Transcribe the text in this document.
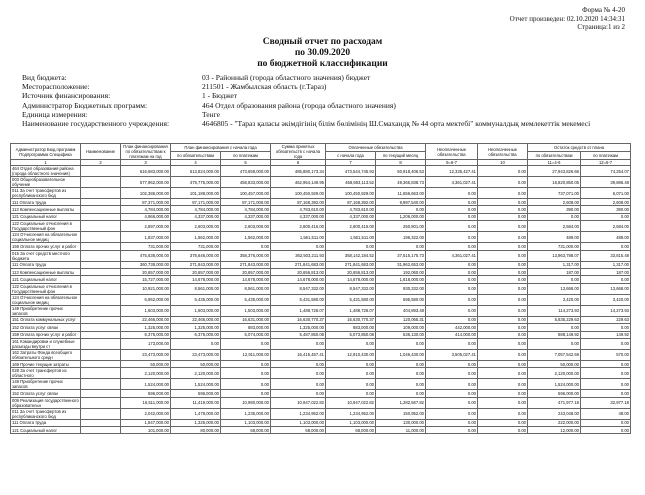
Форма № 4-20
Отчет произведен: 02.10.2020 14:34:31
Страница:1 из 2
Сводный отчет по расходам
по 30.09.2020
по бюджетной классификации
Вид бюджета:	03 - Районный (города областного значения) бюджет
Месторасположение:	211501 - Жамбылская область (г.Тараз)
Источник финансирования:	1 - Бюджет
Администратор Бюджетных программ:	464 Отдел образования района (города областного значения)
Единица измерения:	Тенге
Наименование государственного учреждения:	4646805 - "Тараз қаласы әкімдігінің білім бөлімінің Ш.Смахандқ № 44 орта мектебі" коммуналдық мемлекеттік мекемесі
Администратор Бюд.программ Подпрограмма Специфика	Наименование	План финансирования по обязательствам к платежам на год	План финансирования с начала года		Сумма принятых обязательств с начала года	Оплаченные обязательства		Неоплаченные обязательства	Неоплаченные обязательства	Остаток средств от плана	
			по обязательствам	по платежам		с начала года	по текущий месяц			по обязательствам	по платежам
1	2	3	4	5	6	7	8	9=6-7	10	11=4-6	12=5-7
464 Отдел образования района (города областного значения)		616,683,000.00	513,824,000.00	473,659,000.00	485,880,173.34	473,544,745.93	50,918,406.53	12,335,427.41	0.00	27,943,826.66	74,254.07
003 Общеобразовательное обучение		577,962,000.00	479,775,000.00	458,833,000.00	462,954,149.95	458,593,113.52	49,365,838.73	4,361,027.41	0.00	16,820,850.05	39,886.48
011 За счет трансфертов из республиканского бюд		102,386,000.00	101,188,000.00	100,457,000.00	100,450,929.00	100,450,929.00	11,656,663.00	0.00	0.00	737,071.00	6,071.00
111 Оплата труда		87,371,000.00	87,171,000.00	87,171,000.00	87,168,392.00	87,168,392.00	9,997,540.00	0.00	0.00	2,608.00	2,608.00
113 Компенсационные выплаты		4,784,000.00	4,784,000.00	4,784,000.00	4,783,610.00	4,783,610.00	0.00	0.00	0.00	390.00	390.00
121 Социальный налог		4,966,000.00	4,337,000.00	4,337,000.00	4,337,000.00	4,337,000.00	1,206,000.00	0.00	0.00	0.00	0.00
122 Социальные отчисления в Государственный фон		2,897,000.00	2,603,000.00	2,603,000.00	2,600,416.00	2,600,416.00	250,801.00	0.00	0.00	2,584.00	2,584.00
124 Отчисления на обязательное социальное медиц		1,837,000.00	1,562,000.00	1,562,000.00	1,561,511.00	1,561,511.00	196,322.00	0.00	0.00	489.00	489.00
159 Оплата прочих услуг и работ		731,000.00	731,000.00	0.00	0.00	0.00	0.00	0.00	0.00	731,000.00	0.00
015 За счет средств местного бюджета		475,636,000.00	378,646,000.00	358,376,000.00	362,503,211.93	358,142,184.52	37,515,175.73	4,361,027.41	0.00	13,963,788.07	33,815.48
111 Оплата труда		360,738,000.00	271,843,000.00	271,843,000.00	271,841,683.00	271,841,683.00	31,962,653.00	0.00	0.00	1,317.00	1,317.00
113 Компенсационные выплаты		20,657,000.00	20,657,000.00	20,657,000.00	20,656,813.00	20,656,813.00	192,060.00	0.00	0.00	187.00	187.00
121 Социальный налог		15,727,000.00	14,678,000.00	14,678,000.00	14,678,000.00	14,678,000.00	1,618,000.00	0.00	0.00	0.00	0.00
122 Социальные отчисления в Государственный фон		10,921,000.00	8,561,000.00	8,561,000.00	8,547,332.00	8,547,332.00	930,332.00	0.00	0.00	13,668.00	13,668.00
124 Отчисления на обязательное социальное медиц		6,952,000.00	5,435,000.00	5,435,000.00	5,431,580.00	5,431,580.00	595,580.00	0.00	0.00	3,420.00	3,420.00
149 Приобретение прочих запасов		1,603,000.00	1,603,000.00	1,503,000.00	1,488,726.07	1,488,726.07	404,893.48	0.00	0.00	114,273.93	14,273.93
151 Оплата коммунальных услуг		22,466,000.00	22,466,000.00	16,631,000.00	16,630,770.37	16,630,770.37	120,065.31	0.00	0.00	5,835,229.63	229.63
152 Оплата услуг связи		1,325,000.00	1,325,000.00	883,000.00	1,325,000.00	883,000.00	109,000.00	442,000.00	0.00	0.00	0.00
159 Оплата прочих услуг и работ		6,376,000.00	6,376,000.00	5,074,000.00	5,487,850.08	5,073,850.08	536,130.00	414,000.00	0.00	888,149.92	149.92
161 Командировки и служебные разъезды внутри ст		173,000.00	0.00	0.00	0.00	0.00	0.00	0.00	0.00	0.00	0.00
162 Затраты Фонда всеобщего обязательного средн		23,473,000.00	23,473,000.00	12,911,000.00	16,415,457.41	12,910,430.00	1,046,430.00	3,505,027.41	0.00	7,057,542.59	570.00
169 Прочие текущие затраты		50,000.00	50,000.00	0.00	0.00	0.00	0.00	0.00	0.00	50,000.00	0.00
028 За счет трансфертов из областного		2,120,000.00	2,120,000.00	0.00	0.00	0.00	0.00	0.00	0.00	2,120,000.00	0.00
149 Приобретение прочих запасов		1,524,000.00	1,524,000.00	0.00	0.00	0.00	0.00	0.00	0.00	1,524,000.00	0.00
152 Оплата услуг связи		596,000.00	596,000.00	0.00	0.00	0.00	0.00	0.00	0.00	596,000.00	0.00
009 Реализация государственного образовательн		16,511,000.00	11,419,000.00	10,980,000.00	10,947,022.82	10,947,022.82	1,282,567.82	0.00	0.00	471,977.18	32,977.18
011 За счет трансфертов из республиканского бюд		2,042,000.00	1,478,000.00	1,235,000.00	1,234,952.00	1,234,952.00	150,952.00	0.00	0.00	243,048.00	48.00
111 Оплата труда		1,847,000.00	1,325,000.00	1,103,000.00	1,103,000.00	1,103,000.00	130,000.00	0.00	0.00	222,000.00	0.00
121 Социальный налог		101,000.00	80,000.00	68,000.00	68,000.00	68,000.00	11,000.00	0.00	0.00	12,000.00	0.00
